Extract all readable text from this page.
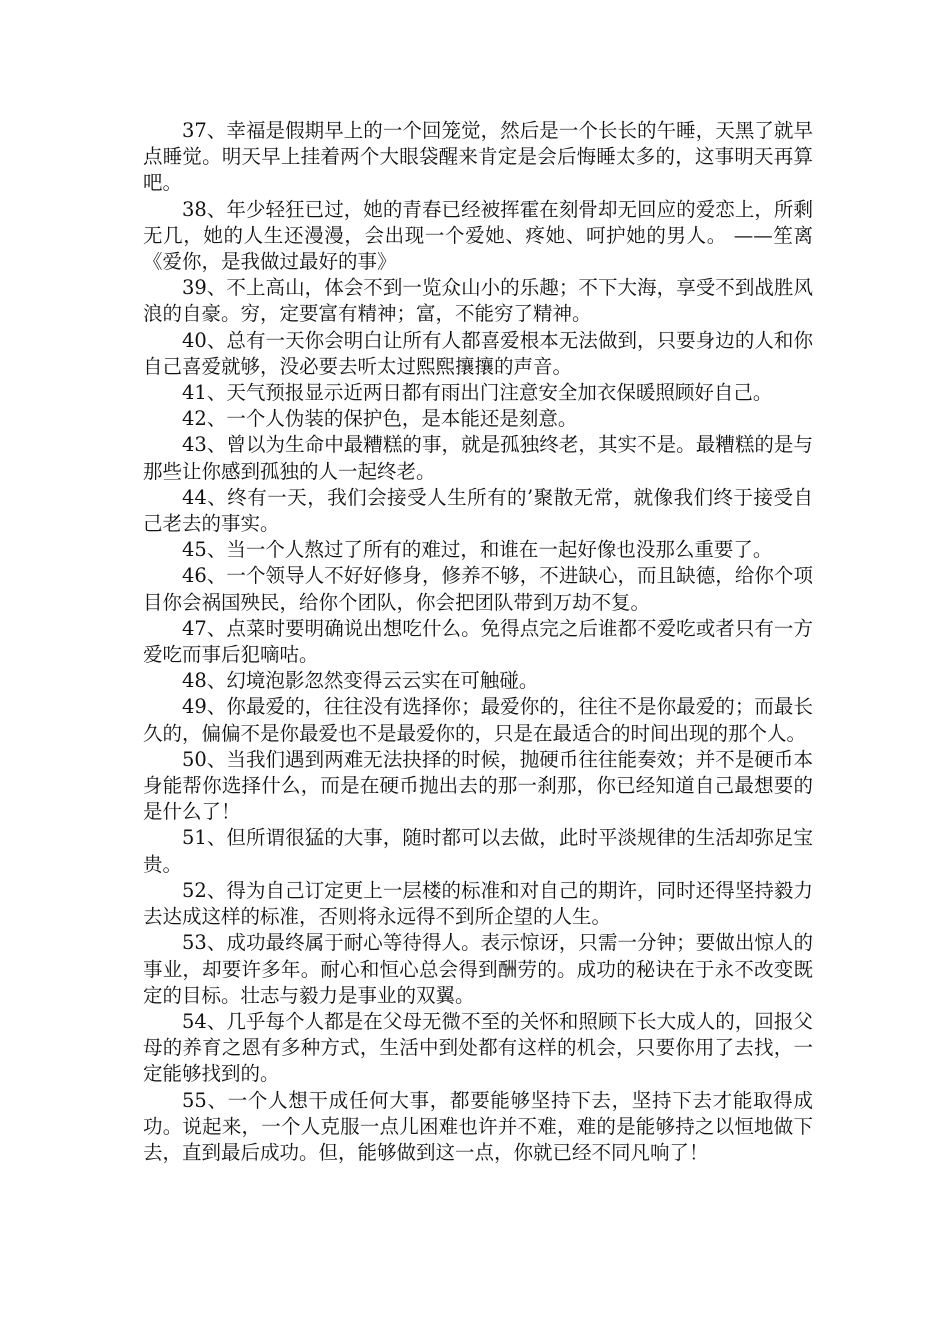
37、幸福是假期早上的一个回笼觉，然后是一个长长的午睡，天黑了就早点睡觉。明天早上挂着两个大眼袋醒来肯定是会后悔睡太多的，这事明天再算吧。

38、年少轻狂已过，她的青春已经被挥霍在刻骨却无回应的爱恋上，所剩无几，她的人生还漫漫，会出现一个爱她、疼她、呵护她的男人。 ——笙离 《爱你，是我做过最好的事》

39、不上高山，体会不到一览众山小的乐趣；不下大海，享受不到战胜风浪的自豪。穷，定要富有精神；富，不能穷了精神。

40、总有一天你会明白让所有人都喜爱根本无法做到，只要身边的人和你自己喜爱就够，没必要去听太过熙熙攘攘的声音。

41、天气预报显示近两日都有雨出门注意安全加衣保暖照顾好自己。

42、一个人伪装的保护色，是本能还是刻意。

43、曾以为生命中最糟糕的事，就是孤独终老，其实不是。最糟糕的是与那些让你感到孤独的人一起终老。

44、终有一天，我们会接受人生所有的’聚散无常，就像我们终于接受自己老去的事实。

45、当一个人熬过了所有的难过，和谁在一起好像也没那么重要了。

46、一个领导人不好好修身，修养不够，不进缺心，而且缺德，给你个项目你会祸国殃民，给你个团队，你会把团队带到万劫不复。

47、点菜时要明确说出想吃什么。免得点完之后谁都不爱吃或者只有一方爱吃而事后犯嘀咕。

48、幻境泡影忽然变得云云实在可触碰。

49、你最爱的，往往没有选择你；最爱你的，往往不是你最爱的；而最长久的，偏偏不是你最爱也不是最爱你的，只是在最适合的时间出现的那个人。

50、当我们遇到两难无法抉择的时候，抛硬币往往能奏效；并不是硬币本身能帮你选择什么，而是在硬币抛出去的那一刹那，你已经知道自己最想要的是什么了！

51、但所谓很猛的大事，随时都可以去做，此时平淡规律的生活却弥足宝贵。

52、得为自己订定更上一层楼的标准和对自己的期许，同时还得坚持毅力去达成这样的标准，否则将永远得不到所企望的人生。

53、成功最终属于耐心等待得人。表示惊讶，只需一分钟；要做出惊人的事业，却要许多年。耐心和恒心总会得到酬劳的。成功的秘诀在于永不改变既定的目标。壮志与毅力是事业的双翼。

54、几乎每个人都是在父母无微不至的关怀和照顾下长大成人的，回报父母的养育之恩有多种方式，生活中到处都有这样的机会，只要你用了去找，一定能够找到的。

55、一个人想干成任何大事，都要能够坚持下去，坚持下去才能取得成功。说起来，一个人克服一点儿困难也许并不难，难的是能够持之以恒地做下去，直到最后成功。但，能够做到这一点，你就已经不同凡响了！
